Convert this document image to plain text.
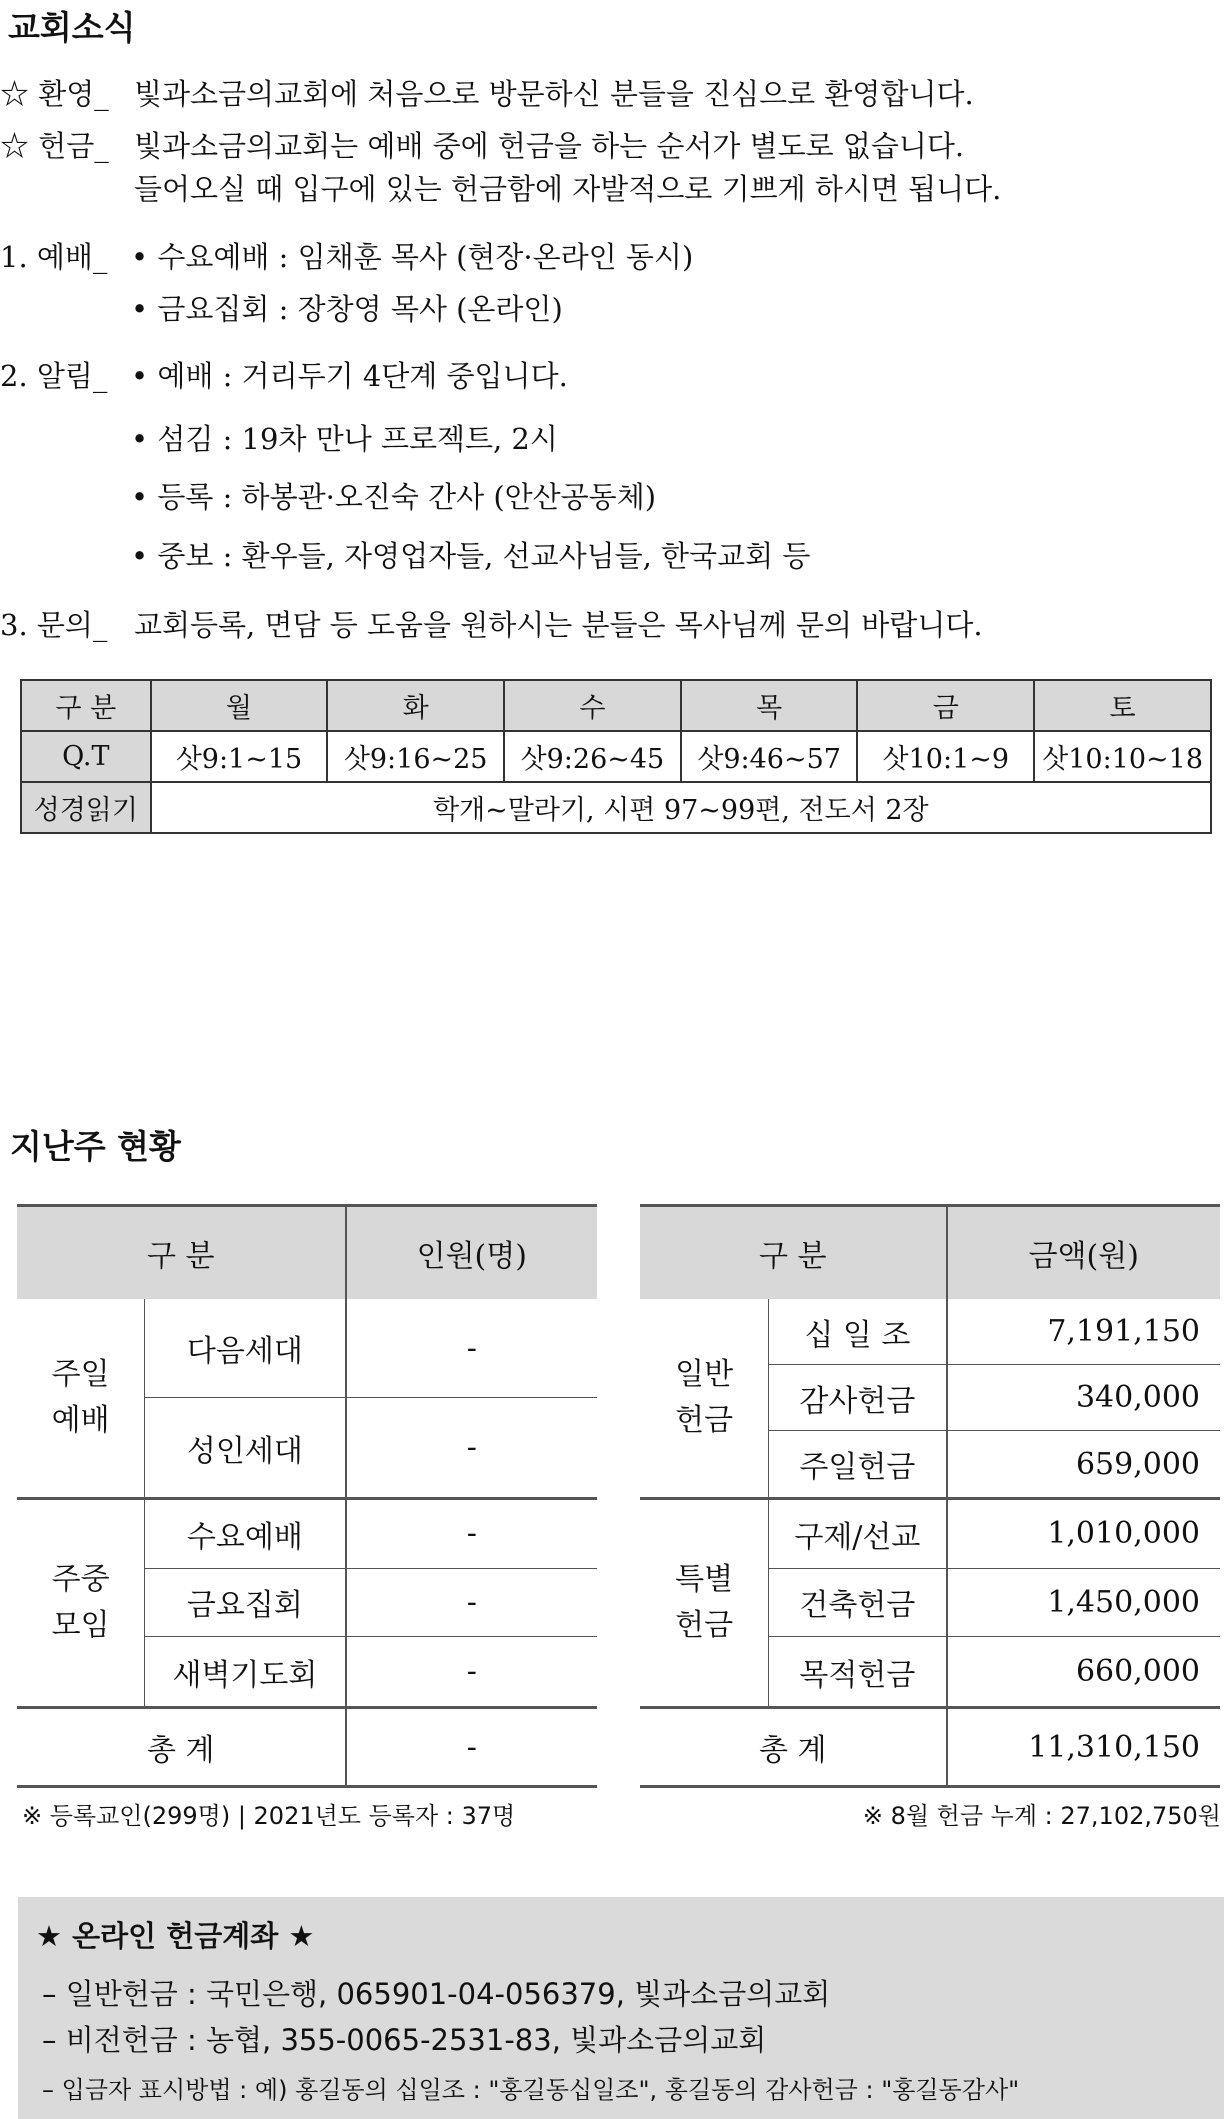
교회소식
☆ 환영_ 빛과소금의교회에 처음으로 방문하신 분들을 진심으로 환영합니다.
☆ 헌금_ 빛과소금의교회는 예배 중에 헌금을 하는 순서가 별도로 없습니다.
들어오실 때 입구에 있는 헌금함에 자발적으로 기쁘게 하시면 됩니다.
1. 예배_ • 수요예배 : 임채훈 목사 (현장·온라인 동시)
• 금요집회 : 장창영 목사 (온라인)
2. 알림_ • 예배 : 거리두기 4단계 중입니다.
• 섬김 : 19차 만나 프로젝트, 2시
• 등록 : 하봉관·오진숙 간사 (안산공동체)
• 중보 : 환우들, 자영업자들, 선교사님들, 한국교회 등
3. 문의_ 교회등록, 면담 등 도움을 원하시는 분들은 목사님께 문의 바랍니다.
구 분	월	화	수	목	금	토
Q.T	삿9:1~15	삿9:16~25	삿9:26~45	삿9:46~57	삿10:1~9	삿10:10~18
성경읽기	학개~말라기, 시편 97~99편, 전도서 2장					
지난주 현황
구 분		인원(명)
주일
예배	다음세대	-
	성인세대	-
주중
모임	수요예배	-
	금요집회	-
	새벽기도회	-
총 계		-
구 분		금액(원)
일반
헌금	십 일 조	7,191,150
	감사헌금	340,000
	주일헌금	659,000
특별
헌금	구제/선교	1,010,000
	건축헌금	1,450,000
	목적헌금	660,000
총 계		11,310,150
※ 등록교인(299명) | 2021년도 등록자 : 37명	※ 8월 헌금 누계 : 27,102,750원
★ 온라인 헌금계좌 ★
– 일반헌금 : 국민은행, 065901-04-056379, 빛과소금의교회
– 비전헌금 : 농협, 355-0065-2531-83, 빛과소금의교회
– 입금자 표시방법 : 예) 홍길동의 십일조 : "홍길동십일조", 홍길동의 감사헌금 : "홍길동감사"
